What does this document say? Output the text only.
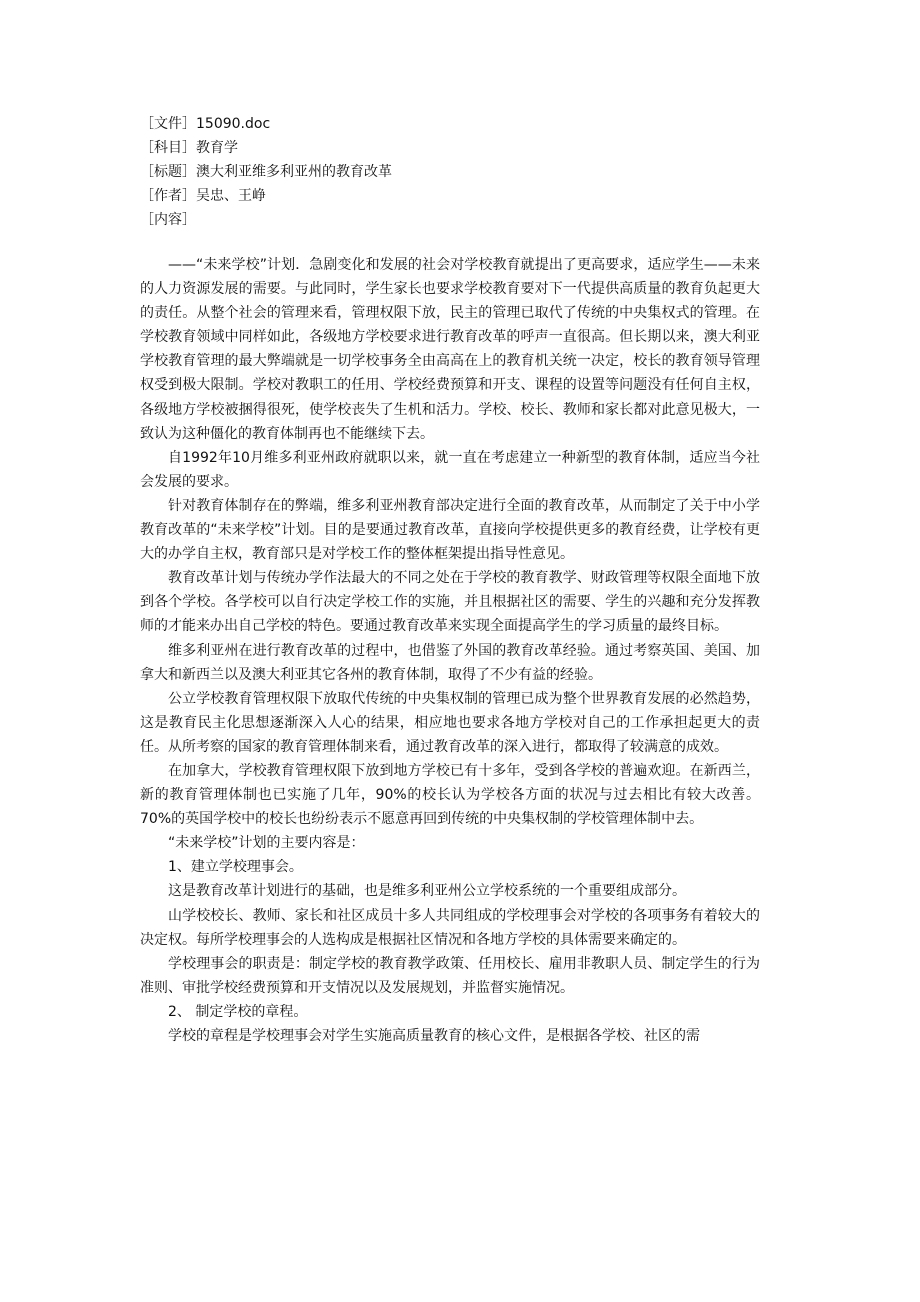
［文件］15090.doc
［科目］教育学
［标题］澳大利亚维多利亚州的教育改革
［作者］吴忠、王峥
［内容］

——“未来学校”计划．急剧变化和发展的社会对学校教育就提出了更高要求，适应学生——未来的人力资源发展的需要。与此同时，学生家长也要求学校教育要对下一代提供高质量的教育负起更大的责任。从整个社会的管理来看，管理权限下放，民主的管理已取代了传统的中央集权式的管理。在学校教育领域中同样如此，各级地方学校要求进行教育改革的呼声一直很高。但长期以来，澳大利亚学校教育管理的最大弊端就是一切学校事务全由高高在上的教育机关统一决定，校长的教育领导管理权受到极大限制。学校对教职工的任用、学校经费预算和开支、课程的设置等问题没有任何自主权，各级地方学校被捆得很死，使学校丧失了生机和活力。学校、校长、教师和家长都对此意见极大，一致认为这种僵化的教育体制再也不能继续下去。

自1992年10月维多利亚州政府就职以来，就一直在考虑建立一种新型的教育体制，适应当今社会发展的要求。

针对教育体制存在的弊端，维多利亚州教育部决定进行全面的教育改革，从而制定了关于中小学教育改革的“未来学校”计划。目的是要通过教育改革，直接向学校提供更多的教育经费，让学校有更大的办学自主权，教育部只是对学校工作的整体框架提出指导性意见。

教育改革计划与传统办学作法最大的不同之处在于学校的教育教学、财政管理等权限全面地下放到各个学校。各学校可以自行决定学校工作的实施，并且根据社区的需要、学生的兴趣和充分发挥教师的才能来办出自己学校的特色。要通过教育改革来实现全面提高学生的学习质量的最终目标。

维多利亚州在进行教育改革的过程中，也借鉴了外国的教育改革经验。通过考察英国、美国、加拿大和新西兰以及澳大利亚其它各州的教育体制，取得了不少有益的经验。

公立学校教育管理权限下放取代传统的中央集权制的管理已成为整个世界教育发展的必然趋势，这是教育民主化思想逐渐深入人心的结果，相应地也要求各地方学校对自己的工作承担起更大的责任。从所考察的国家的教育管理体制来看，通过教育改革的深入进行，都取得了较满意的成效。

在加拿大，学校教育管理权限下放到地方学校已有十多年，受到各学校的普遍欢迎。在新西兰，新的教育管理体制也已实施了几年，90%的校长认为学校各方面的状况与过去相比有较大改善。70%的英国学校中的校长也纷纷表示不愿意再回到传统的中央集权制的学校管理体制中去。

“未来学校”计划的主要内容是：

1、建立学校理事会。

这是教育改革计划进行的基础，也是维多利亚州公立学校系统的一个重要组成部分。

山学校校长、教师、家长和社区成员十多人共同组成的学校理事会对学校的各项事务有着较大的决定权。每所学校理事会的人选构成是根据社区情况和各地方学校的具体需要来确定的。

学校理事会的职责是：制定学校的教育教学政策、任用校长、雇用非教职人员、制定学生的行为准则、审批学校经费预算和开支情况以及发展规划，并监督实施情况。

2、 制定学校的章程。

学校的章程是学校理事会对学生实施高质量教育的核心文件，是根据各学校、社区的需
